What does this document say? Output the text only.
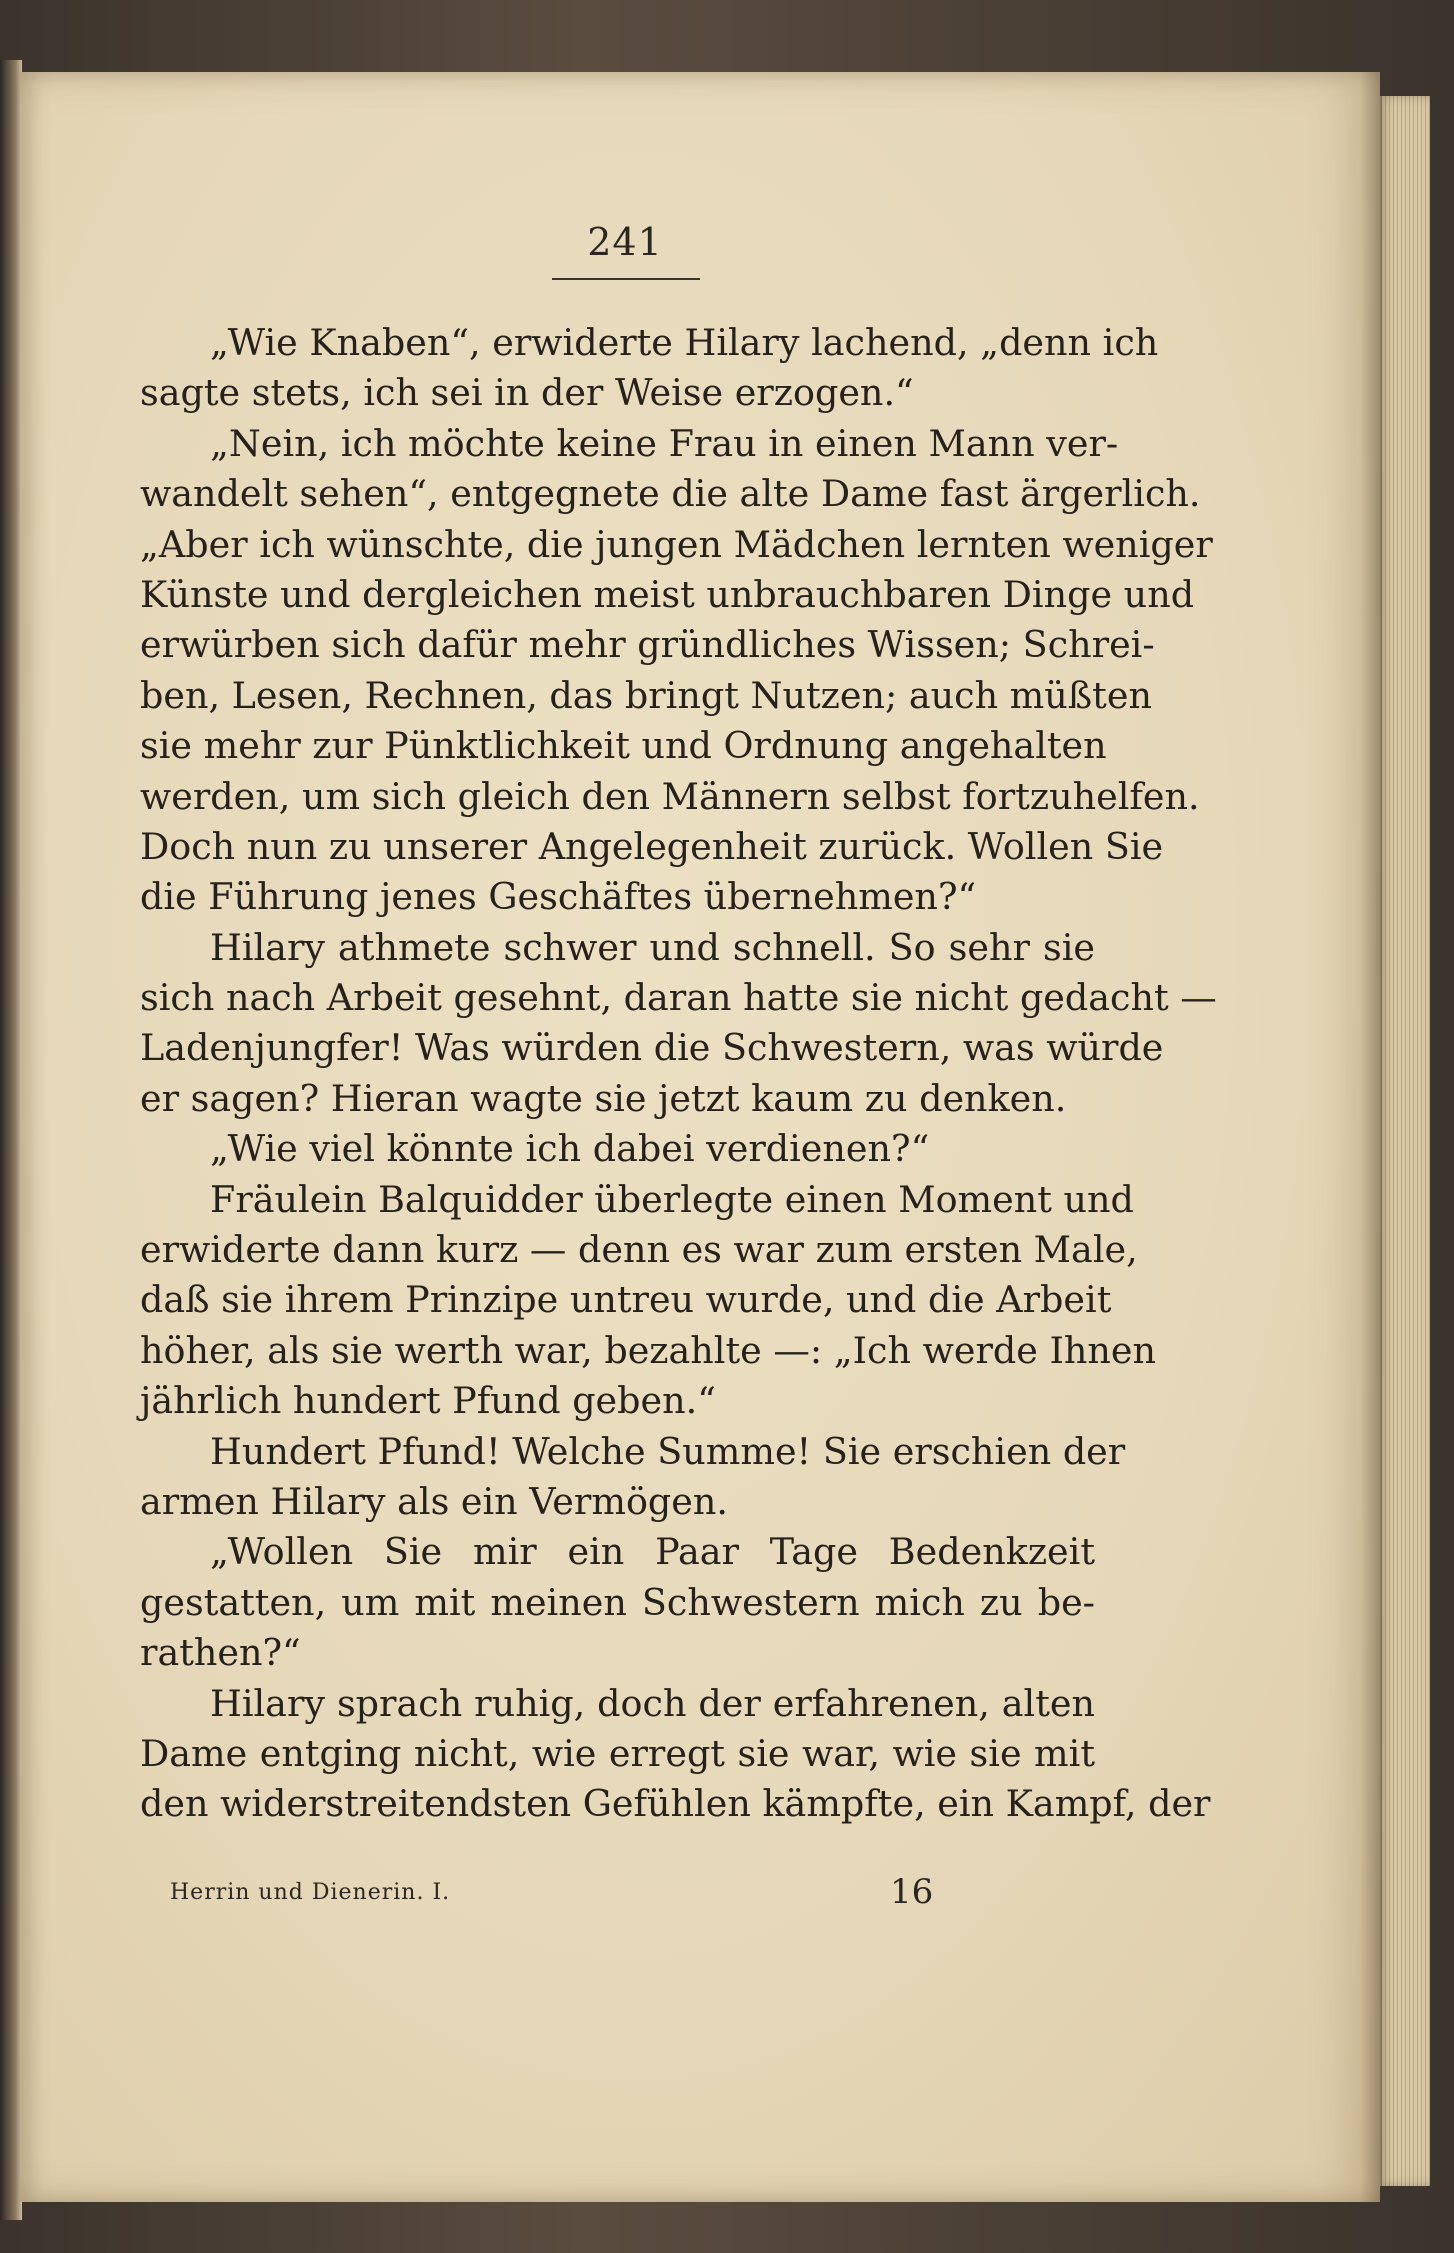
241
„Wie Knaben“, erwiderte Hilary lachend, „denn ich
sagte stets, ich sei in der Weise erzogen.“
„Nein, ich möchte keine Frau in einen Mann ver-
wandelt sehen“, entgegnete die alte Dame fast ärgerlich.
„Aber ich wünschte, die jungen Mädchen lernten weniger
Künste und dergleichen meist unbrauchbaren Dinge und
erwürben sich dafür mehr gründliches Wissen; Schrei-
ben, Lesen, Rechnen, das bringt Nutzen; auch müßten
sie mehr zur Pünktlichkeit und Ordnung angehalten
werden, um sich gleich den Männern selbst fortzuhelfen.
Doch nun zu unserer Angelegenheit zurück. Wollen Sie
die Führung jenes Geschäftes übernehmen?“
Hilary athmete schwer und schnell. So sehr sie
sich nach Arbeit gesehnt, daran hatte sie nicht gedacht —
Ladenjungfer! Was würden die Schwestern, was würde
er sagen? Hieran wagte sie jetzt kaum zu denken.
„Wie viel könnte ich dabei verdienen?“
Fräulein Balquidder überlegte einen Moment und
erwiderte dann kurz — denn es war zum ersten Male,
daß sie ihrem Prinzipe untreu wurde, und die Arbeit
höher, als sie werth war, bezahlte —: „Ich werde Ihnen
jährlich hundert Pfund geben.“
Hundert Pfund! Welche Summe! Sie erschien der
armen Hilary als ein Vermögen.
„Wollen Sie mir ein Paar Tage Bedenkzeit
gestatten, um mit meinen Schwestern mich zu be-
rathen?“
Hilary sprach ruhig, doch der erfahrenen, alten
Dame entging nicht, wie erregt sie war, wie sie mit
den widerstreitendsten Gefühlen kämpfte, ein Kampf, der
Herrin und Dienerin. I.	16
